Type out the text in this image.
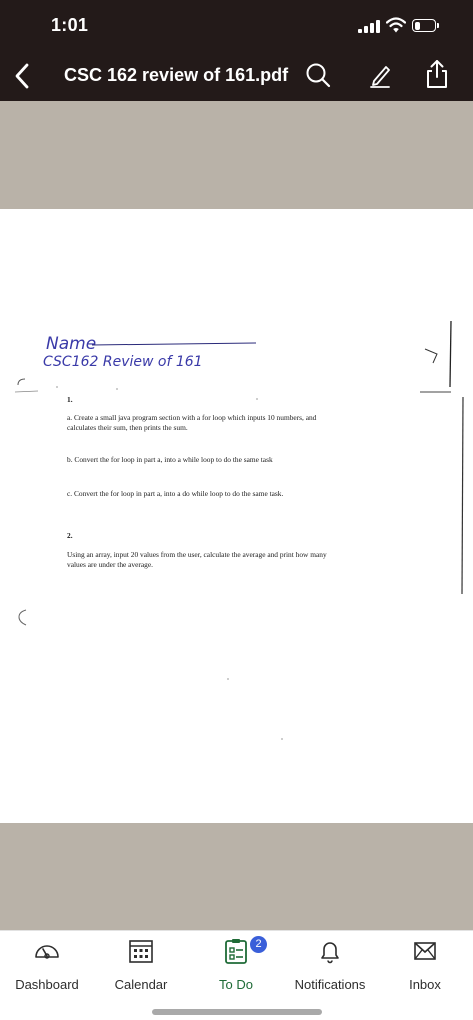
1:01
CSC 162 review of 161.pdf
Name
CSC162 Review of 161
1.
a. Create a small java program section with a for loop which inputs 10 numbers, and
calculates their sum, then prints the sum.
b. Convert the for loop in part a, into a while loop to do the same task
c. Convert the for loop in part a, into a do while loop to do the same task.
2.
Using an array, input 20 values from the user, calculate the average and print how many
values are under the average.
Dashboard	Calendar	To Do	Notifications	Inbox
2
